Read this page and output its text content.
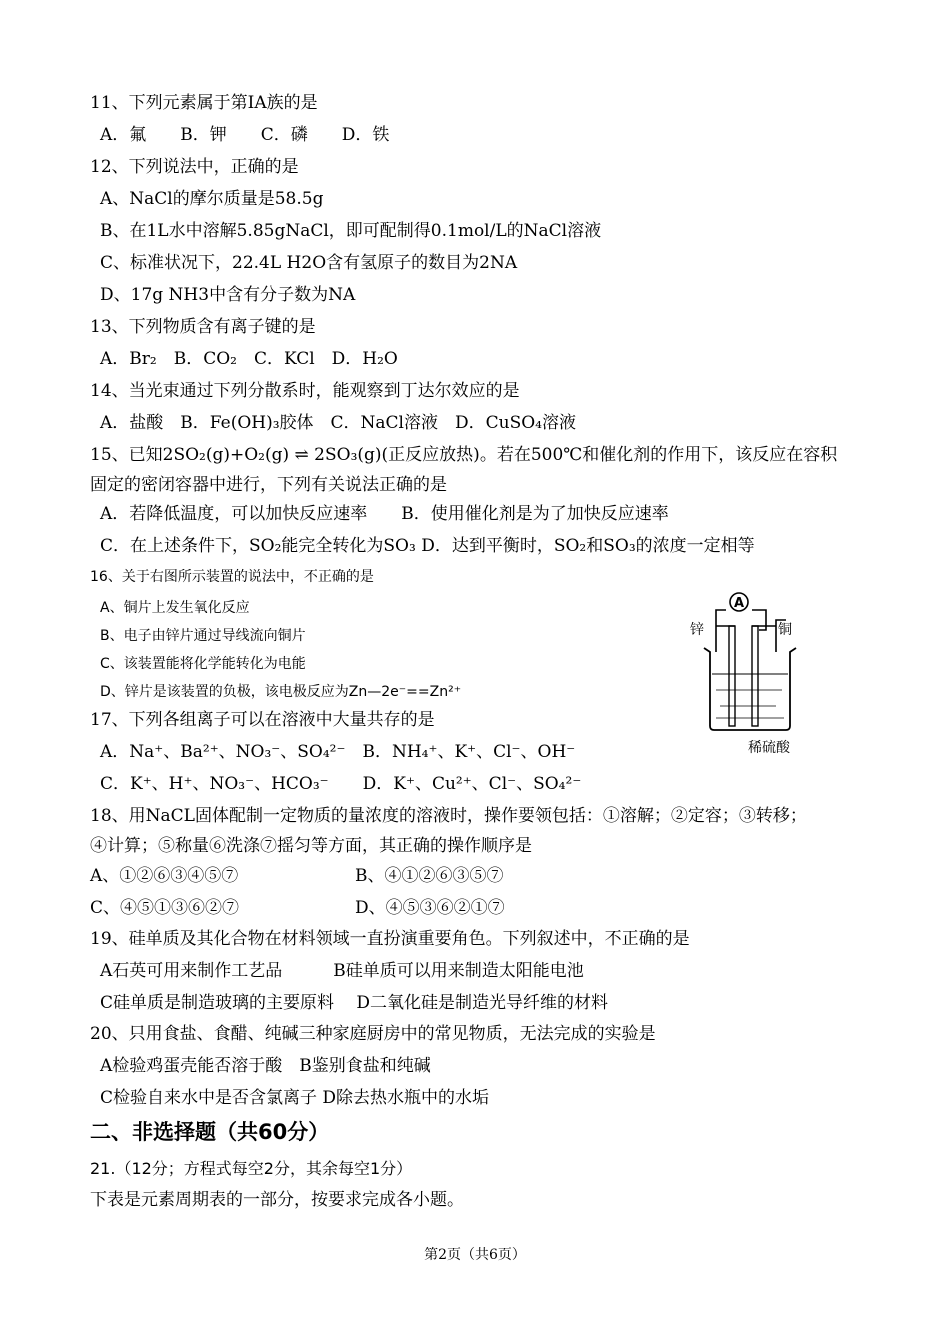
11、下列元素属于第ⅠA族的是
A．氟　　B．钾　　C．磷　　D．铁
12、下列说法中，正确的是
A、NaCl的摩尔质量是58.5g
B、在1L水中溶解5.85gNaCl，即可配制得0.1mol/L的NaCl溶液
C、标准状况下，22.4L H2O含有氢原子的数目为2NA
D、17g NH3中含有分子数为NA
13、下列物质含有离子键的是
A．Br₂　B．CO₂　C．KCl　D．H₂O
14、当光束通过下列分散系时，能观察到丁达尔效应的是
A．盐酸　B．Fe(OH)₃胶体　C．NaCl溶液　D．CuSO₄溶液
15、已知2SO₂(g)+O₂(g) ⇌ 2SO₃(g)(正反应放热)。若在500℃和催化剂的作用下，该反应在容积
固定的密闭容器中进行，下列有关说法正确的是
A．若降低温度，可以加快反应速率　　B．使用催化剂是为了加快反应速率
C．在上述条件下，SO₂能完全转化为SO₃ D．达到平衡时，SO₂和SO₃的浓度一定相等
16、关于右图所示装置的说法中，不正确的是
A、铜片上发生氧化反应
B、电子由锌片通过导线流向铜片
C、该装置能将化学能转化为电能
D、锌片是该装置的负极，该电极反应为Zn—2e⁻==Zn²⁺
A
锌	铜
稀硫酸
17、下列各组离子可以在溶液中大量共存的是
A．Na⁺、Ba²⁺、NO₃⁻、SO₄²⁻　B．NH₄⁺、K⁺、Cl⁻、OH⁻
C．K⁺、H⁺、NO₃⁻、HCO₃⁻　　D．K⁺、Cu²⁺、Cl⁻、SO₄²⁻
18、用NaCL固体配制一定物质的量浓度的溶液时，操作要领包括：①溶解；②定容；③转移；
④计算；⑤称量⑥洗涤⑦摇匀等方面，其正确的操作顺序是
A、①②⑥③④⑤⑦	B、④①②⑥③⑤⑦
C、④⑤①③⑥②⑦	D、④⑤③⑥②①⑦
19、硅单质及其化合物在材料领域一直扮演重要角色。下列叙述中，不正确的是
A石英可用来制作工艺品　　　B硅单质可以用来制造太阳能电池
C硅单质是制造玻璃的主要原料　 D二氧化硅是制造光导纤维的材料
20、只用食盐、食醋、纯碱三种家庭厨房中的常见物质，无法完成的实验是
A检验鸡蛋壳能否溶于酸　B鉴别食盐和纯碱
C检验自来水中是否含氯离子 D除去热水瓶中的水垢
二、非选择题（共60分）
21.（12分；方程式每空2分，其余每空1分）
下表是元素周期表的一部分，按要求完成各小题。
第2页（共6页）
